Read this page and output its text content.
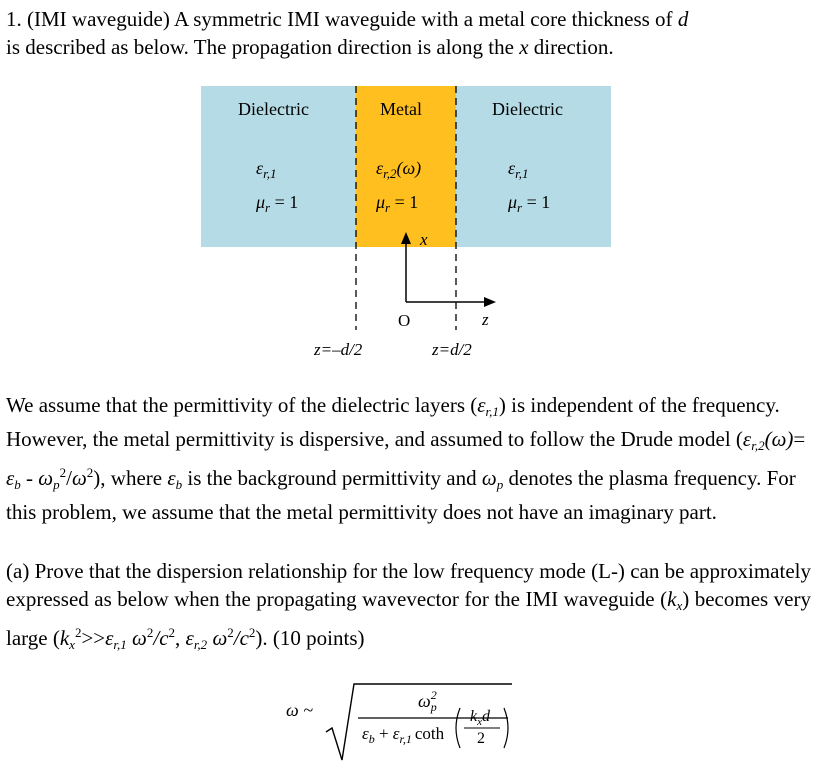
1. (IMI waveguide) A symmetric IMI waveguide with a metal core thickness of d
is described as below. The propagation direction is along the x direction.
Dielectric	Metal	Dielectric
$\varepsilon_{r,1}$
$\mu_r = 1$
$\varepsilon_{r,2}(\omega)$
$\mu_r = 1$
$\varepsilon_{r,1}$
$\mu_r = 1$
x
z
O
z=–d/2	z=d/2
We assume that the permittivity of the dielectric layers $(\varepsilon_{r,1})$ is independent of the frequency. However, the metal permittivity is dispersive, and assumed to follow the Drude model $(\varepsilon_{r,2}(\omega)= \varepsilon_b - \omega_p^2/\omega^2)$, where $\varepsilon_b$ is the background permittivity and $\omega_p$ denotes the plasma frequency. For this problem, we assume that the metal permittivity does not have an imaginary part.
(a) Prove that the dispersion relationship for the low frequency mode (L-) can be approximately expressed as below when the propagating wavevector for the IMI waveguide $(k_x)$ becomes very large ($k_x^2>>\varepsilon_{r,1}$ $\omega^2/c^2$, $\varepsilon_{r,2}$ $\omega^2/c^2$). (10 points)
ω ~	$\omega_p^2$
$\varepsilon_b + \varepsilon_{r,1}$ coth
$k_xd$
2
